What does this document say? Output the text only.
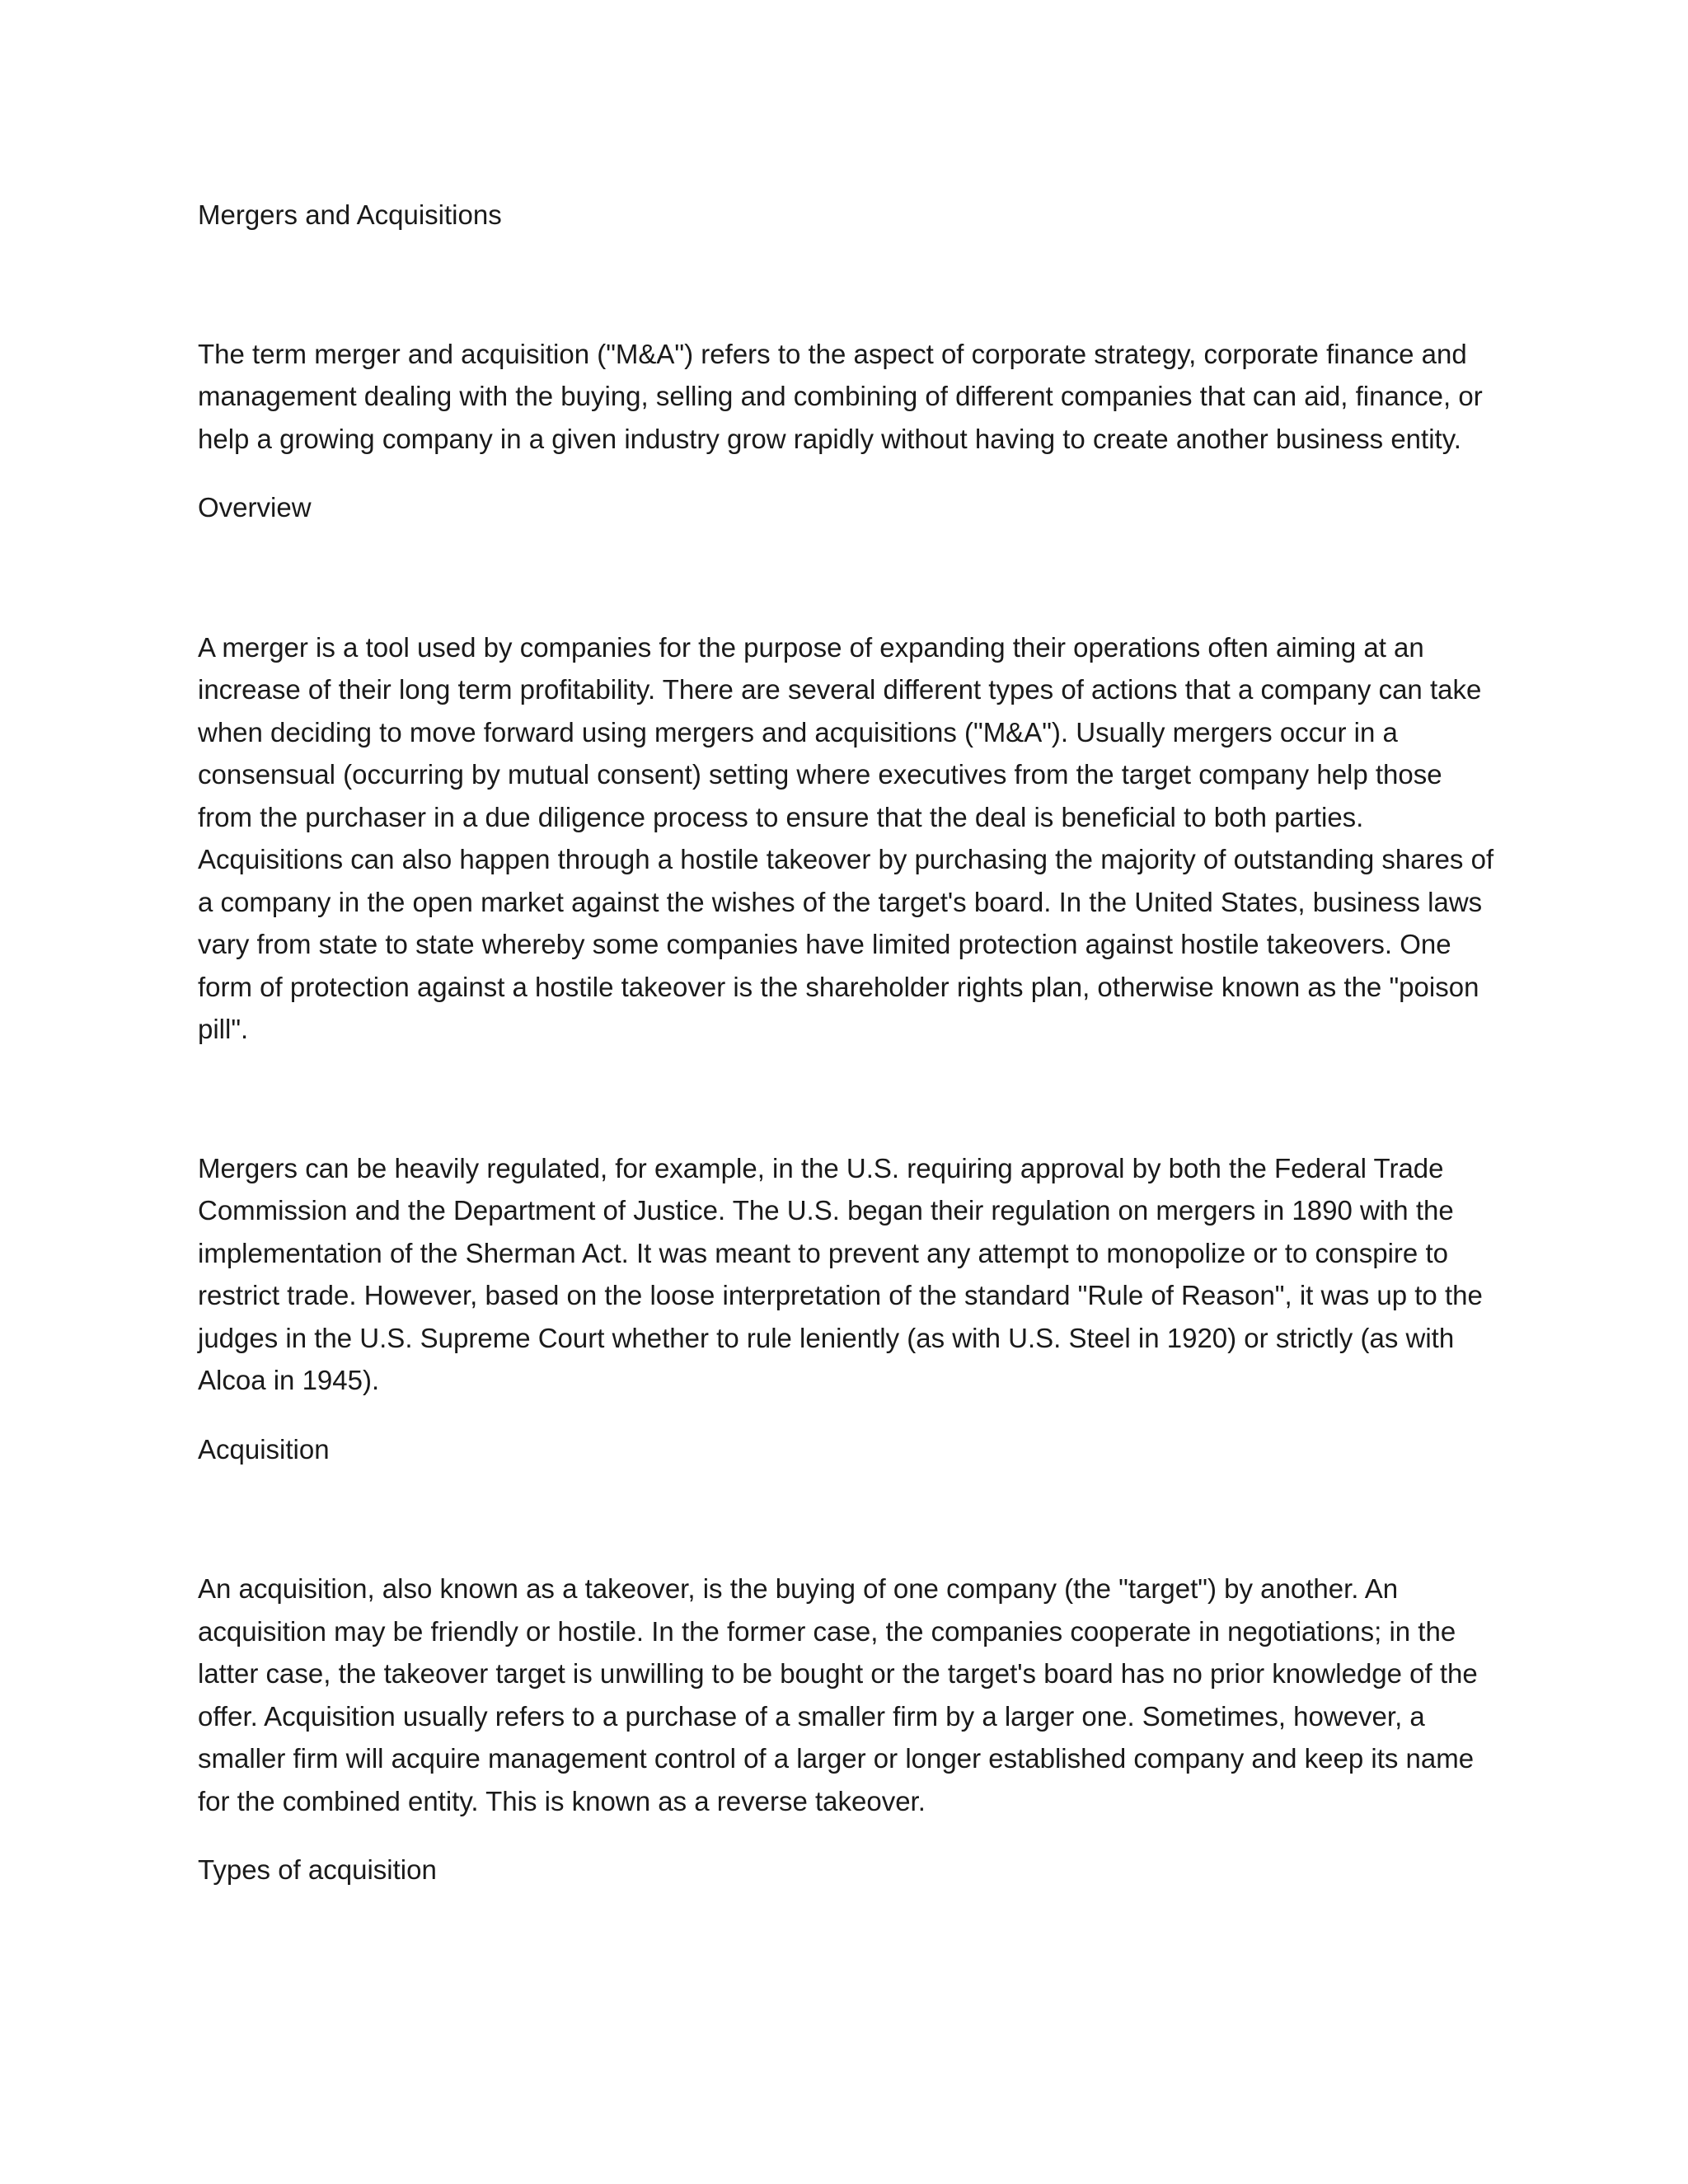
Mergers and Acquisitions

The term merger and acquisition ("M&A") refers to the aspect of corporate strategy, corporate finance and management dealing with the buying, selling and combining of different companies that can aid, finance, or help a growing company in a given industry grow rapidly without having to create another business entity.

Overview

A merger is a tool used by companies for the purpose of expanding their operations often aiming at an increase of their long term profitability. There are several different types of actions that a company can take when deciding to move forward using mergers and acquisitions ("M&A"). Usually mergers occur in a consensual (occurring by mutual consent) setting where executives from the target company help those from the purchaser in a due diligence process to ensure that the deal is beneficial to both parties. Acquisitions can also happen through a hostile takeover by purchasing the majority of outstanding shares of a company in the open market against the wishes of the target's board. In the United States, business laws vary from state to state whereby some companies have limited protection against hostile takeovers. One form of protection against a hostile takeover is the shareholder rights plan, otherwise known as the "poison pill".

Mergers can be heavily regulated, for example, in the U.S. requiring approval by both the Federal Trade Commission and the Department of Justice. The U.S. began their regulation on mergers in 1890 with the implementation of the Sherman Act. It was meant to prevent any attempt to monopolize or to conspire to restrict trade. However, based on the loose interpretation of the standard "Rule of Reason", it was up to the judges in the U.S. Supreme Court whether to rule leniently (as with U.S. Steel in 1920) or strictly (as with Alcoa in 1945).

Acquisition

An acquisition, also known as a takeover, is the buying of one company (the "target") by another. An acquisition may be friendly or hostile. In the former case, the companies cooperate in negotiations; in the latter case, the takeover target is unwilling to be bought or the target's board has no prior knowledge of the offer. Acquisition usually refers to a purchase of a smaller firm by a larger one. Sometimes, however, a smaller firm will acquire management control of a larger or longer established company and keep its name for the combined entity. This is known as a reverse takeover.

Types of acquisition
